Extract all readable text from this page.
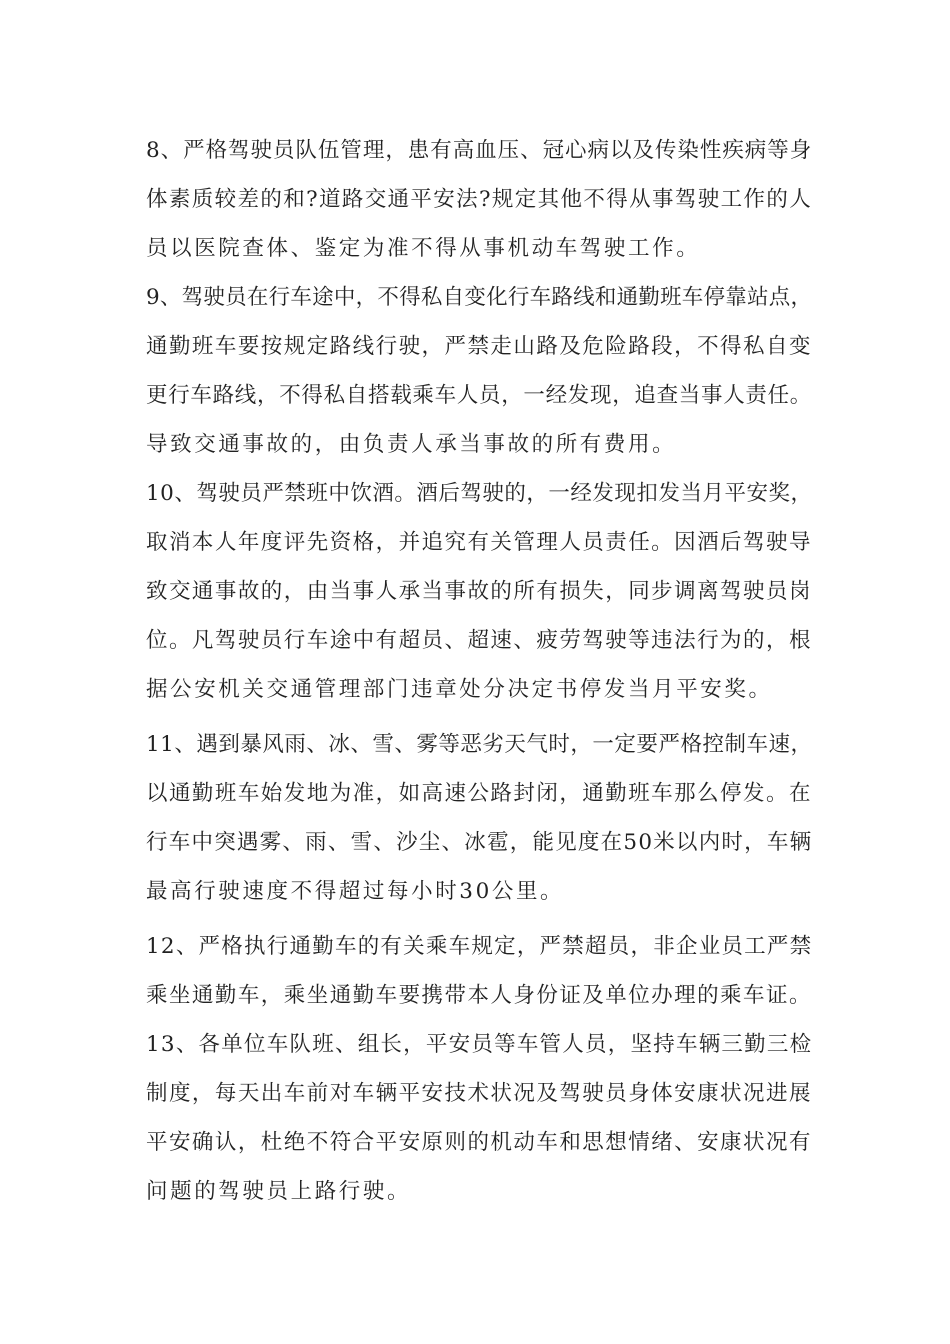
8、严格驾驶员队伍管理，患有高血压、冠心病以及传染性疾病等身
体素质较差的和?道路交通平安法?规定其他不得从事驾驶工作的人
员以医院查体、鉴定为准不得从事机动车驾驶工作。
9、驾驶员在行车途中，不得私自变化行车路线和通勤班车停靠站点，
通勤班车要按规定路线行驶，严禁走山路及危险路段，不得私自变
更行车路线，不得私自搭载乘车人员，一经发现，追查当事人责任。
导致交通事故的，由负责人承当事故的所有费用。
10、驾驶员严禁班中饮酒。酒后驾驶的，一经发现扣发当月平安奖，
取消本人年度评先资格，并追究有关管理人员责任。因酒后驾驶导
致交通事故的，由当事人承当事故的所有损失，同步调离驾驶员岗
位。凡驾驶员行车途中有超员、超速、疲劳驾驶等违法行为的，根
据公安机关交通管理部门违章处分决定书停发当月平安奖。
11、遇到暴风雨、冰、雪、雾等恶劣天气时，一定要严格控制车速，
以通勤班车始发地为准，如高速公路封闭，通勤班车那么停发。在
行车中突遇雾、雨、雪、沙尘、冰雹，能见度在50米以内时，车辆
最高行驶速度不得超过每小时30公里。
12、严格执行通勤车的有关乘车规定，严禁超员，非企业员工严禁
乘坐通勤车，乘坐通勤车要携带本人身份证及单位办理的乘车证。
13、各单位车队班、组长，平安员等车管人员，坚持车辆三勤三检
制度，每天出车前对车辆平安技术状况及驾驶员身体安康状况进展
平安确认，杜绝不符合平安原则的机动车和思想情绪、安康状况有
问题的驾驶员上路行驶。
